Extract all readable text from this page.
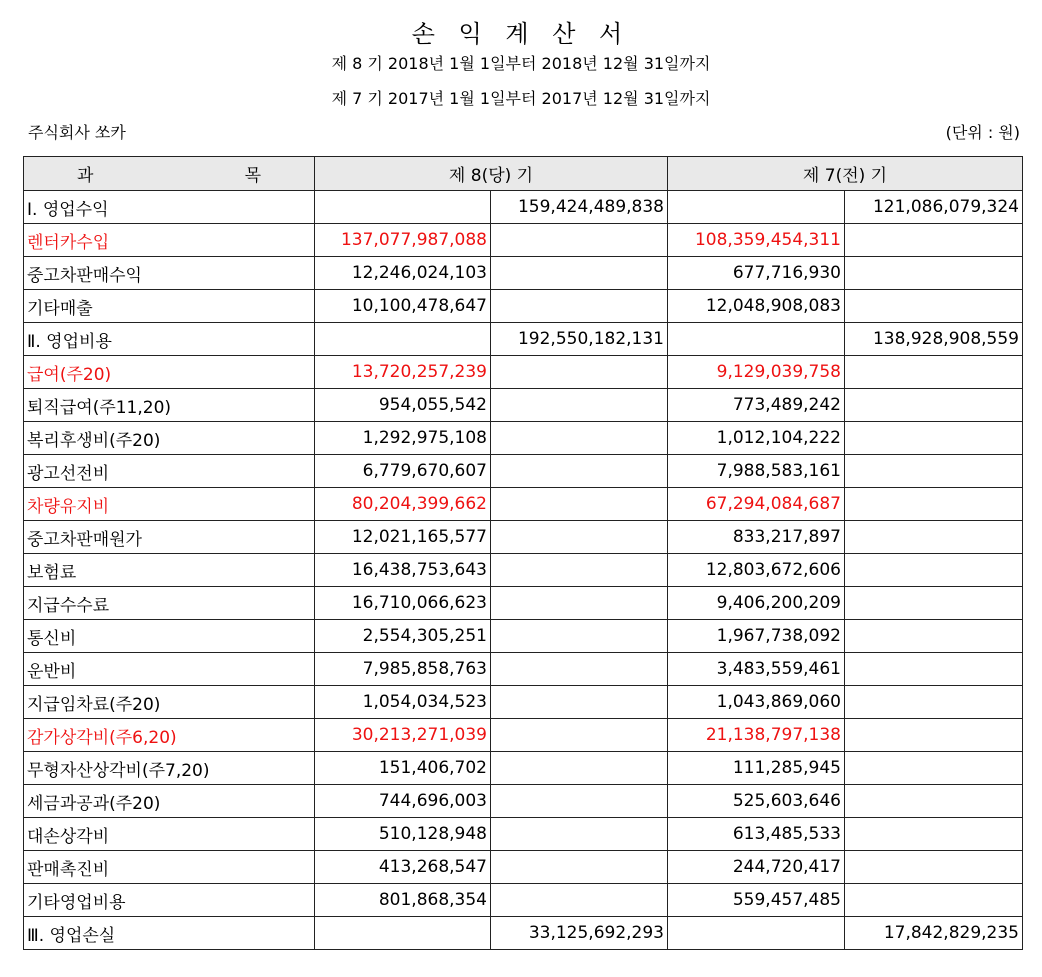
손 익 계 산 서
제 8 기 2018년 1월 1일부터 2018년 12월 31일까지
제 7 기 2017년 1월 1일부터 2017년 12월 31일까지
주식회사 쏘카	(단위 : 원)
과 목	제 8(당) 기		제 7(전) 기	
Ⅰ. 영업수익		159,424,489,838		121,086,079,324
렌터카수입	137,077,987,088		108,359,454,311	
중고차판매수익	12,246,024,103		677,716,930	
기타매출	10,100,478,647		12,048,908,083	
Ⅱ. 영업비용		192,550,182,131		138,928,908,559
급여(주20)	13,720,257,239		9,129,039,758	
퇴직급여(주11,20)	954,055,542		773,489,242	
복리후생비(주20)	1,292,975,108		1,012,104,222	
광고선전비	6,779,670,607		7,988,583,161	
차량유지비	80,204,399,662		67,294,084,687	
중고차판매원가	12,021,165,577		833,217,897	
보험료	16,438,753,643		12,803,672,606	
지급수수료	16,710,066,623		9,406,200,209	
통신비	2,554,305,251		1,967,738,092	
운반비	7,985,858,763		3,483,559,461	
지급임차료(주20)	1,054,034,523		1,043,869,060	
감가상각비(주6,20)	30,213,271,039		21,138,797,138	
무형자산상각비(주7,20)	151,406,702		111,285,945	
세금과공과(주20)	744,696,003		525,603,646	
대손상각비	510,128,948		613,485,533	
판매촉진비	413,268,547		244,720,417	
기타영업비용	801,868,354		559,457,485	
Ⅲ. 영업손실		33,125,692,293		17,842,829,235
